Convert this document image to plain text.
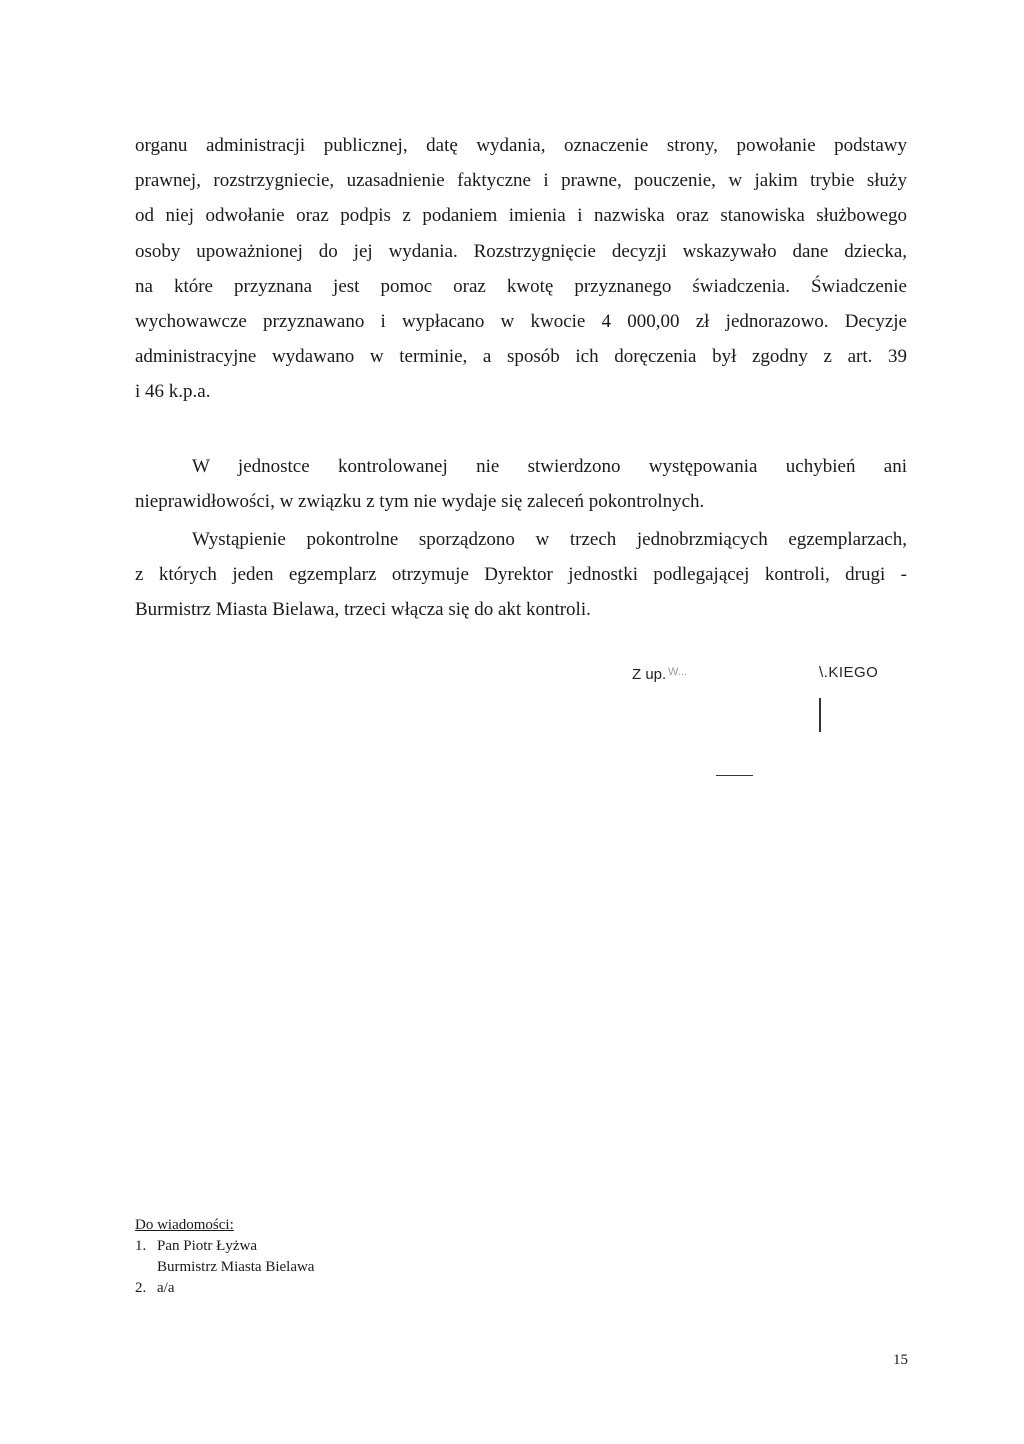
organu administracji publicznej, datę wydania, oznaczenie strony, powołanie podstawy
prawnej, rozstrzygniecie, uzasadnienie faktyczne i prawne, pouczenie, w jakim trybie służy
od niej odwołanie oraz podpis z podaniem imienia i nazwiska oraz stanowiska służbowego
osoby upoważnionej do jej wydania. Rozstrzygnięcie decyzji wskazywało dane dziecka,
na które przyznana jest pomoc oraz kwotę przyznanego świadczenia. Świadczenie
wychowawcze przyznawano i wypłacano w kwocie 4 000,00 zł jednorazowo. Decyzje
administracyjne wydawano w terminie, a sposób ich doręczenia był zgodny z art. 39
i 46 k.p.a.
W jednostce kontrolowanej nie stwierdzono występowania uchybień ani
nieprawidłowości, w związku z tym nie wydaje się zaleceń pokontrolnych.
Wystąpienie pokontrolne sporządzono w trzech jednobrzmiących egzemplarzach,
z których jeden egzemplarz otrzymuje Dyrektor jednostki podlegającej kontroli, drugi -
Burmistrz Miasta Bielawa, trzeci włącza się do akt kontroli.
Z up. W...	\.KIEGO
Do wiadomości:
1. Pan Piotr Łyżwa
Burmistrz Miasta Bielawa
2. a/a
15
